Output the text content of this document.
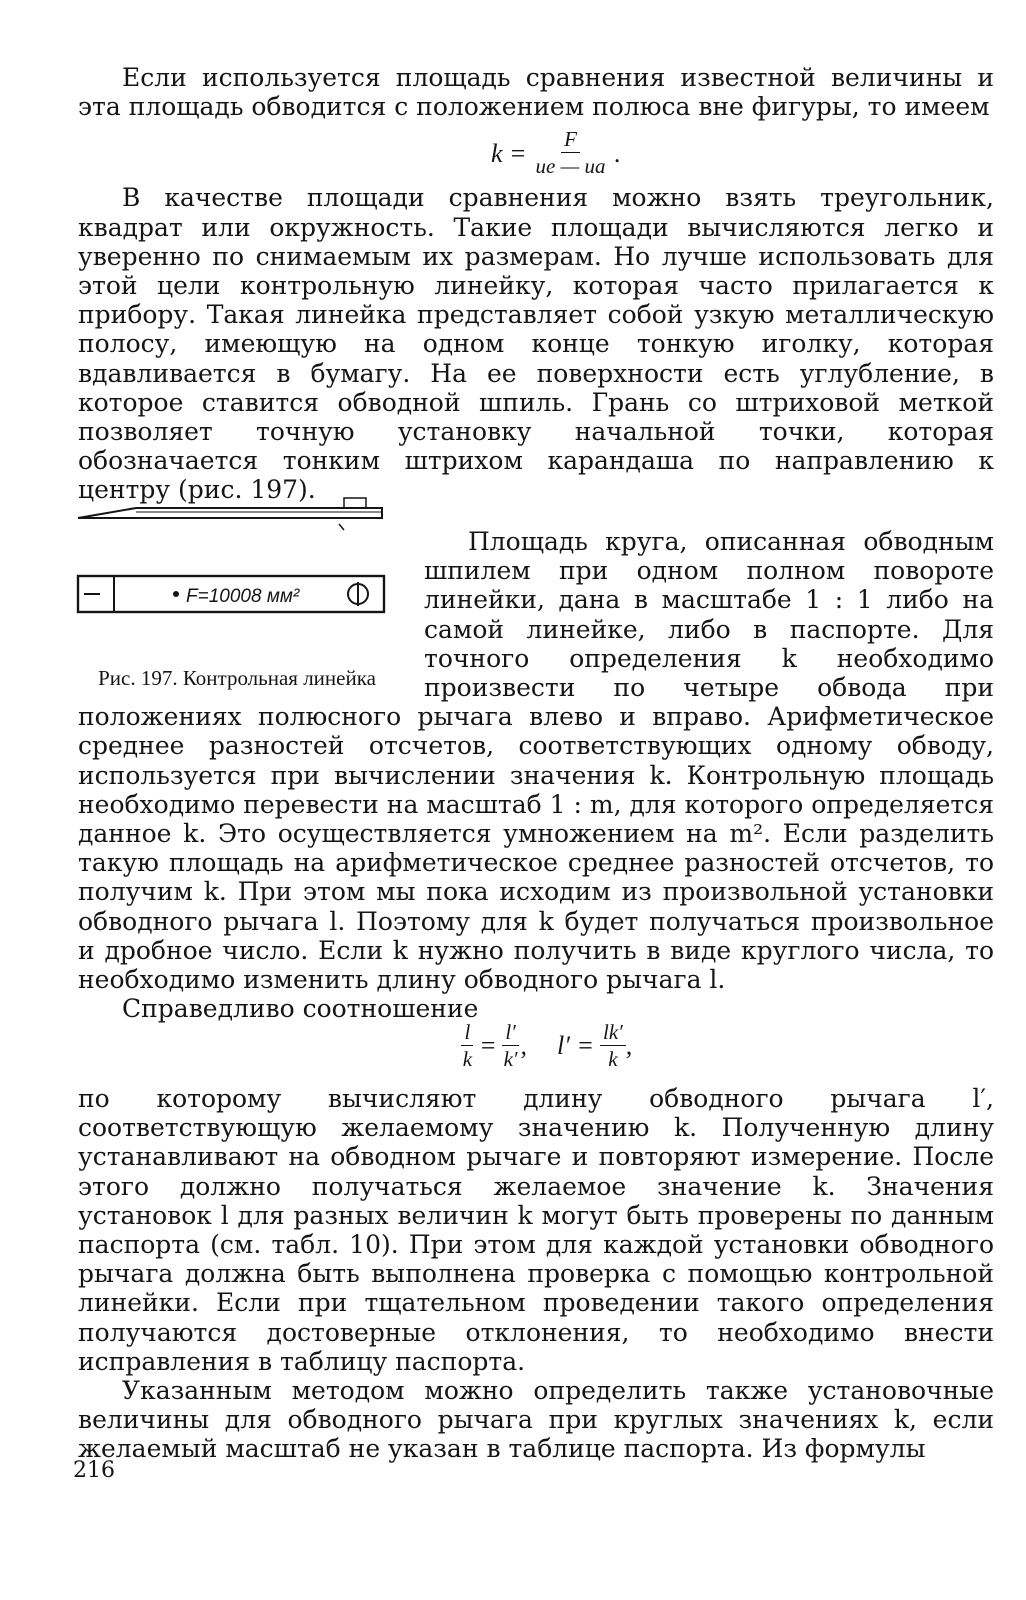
Если используется площадь сравнения известной величины и эта площадь обводится с положением полюса вне фигуры, то имеем

$k = \frac{F}{ue — ua}$ .

В качестве площади сравнения можно взять треугольник, квадрат или окружность. Такие площади вычисляются легко и уверенно по снимаемым их размерам. Но лучше использовать для этой цели контрольную линейку, которая часто прилагается к прибору. Такая линейка представляет собой узкую металлическую полосу, имеющую на одном конце тонкую иголку, которая вдавливается в бумагу. На ее поверхности есть углубление, в которое ставится обводной шпиль. Грань со штриховой меткой позволяет точную установку начальной точки, которая обозначается тонким штрихом карандаша по направлению к центру (рис. 197).

F=10008 мм²
Рис. 197. Контрольная линейка

Площадь круга, описанная обводным шпилем при одном полном повороте линейки, дана в масштабе 1 : 1 либо на самой линейке, либо в паспорте. Для точного определения k необходимо произвести по четыре обвода при положениях полюсного рычага влево и вправо. Арифметическое среднее разностей отсчетов, соответствующих одному обводу, используется при вычислении значения k. Контрольную площадь необходимо перевести на масштаб 1 : m, для которого определяется данное k. Это осуществляется умножением на m². Если разделить такую площадь на арифметическое среднее разностей отсчетов, то получим k. При этом мы пока исходим из произвольной установки обводного рычага l. Поэтому для k будет получаться произвольное и дробное число. Если k нужно получить в виде круглого числа, то необходимо изменить длину обводного рычага l.

Справедливо соотношение

$\frac{l}{k} = \frac{l'}{k'}$ , $l' = \frac{lk'}{k}$ ,

по которому вычисляют длину обводного рычага l′, соответствующую желаемому значению k. Полученную длину устанавливают на обводном рычаге и повторяют измерение. После этого должно получаться желаемое значение k. Значения установок l для разных величин k могут быть проверены по данным паспорта (см. табл. 10). При этом для каждой установки обводного рычага должна быть выполнена проверка с помощью контрольной линейки. Если при тщательном проведении такого определения получаются достоверные отклонения, то необходимо внести исправления в таблицу паспорта.

Указанным методом можно определить также установочные величины для обводного рычага при круглых значениях k, если желаемый масштаб не указан в таблице паспорта. Из формулы

216
